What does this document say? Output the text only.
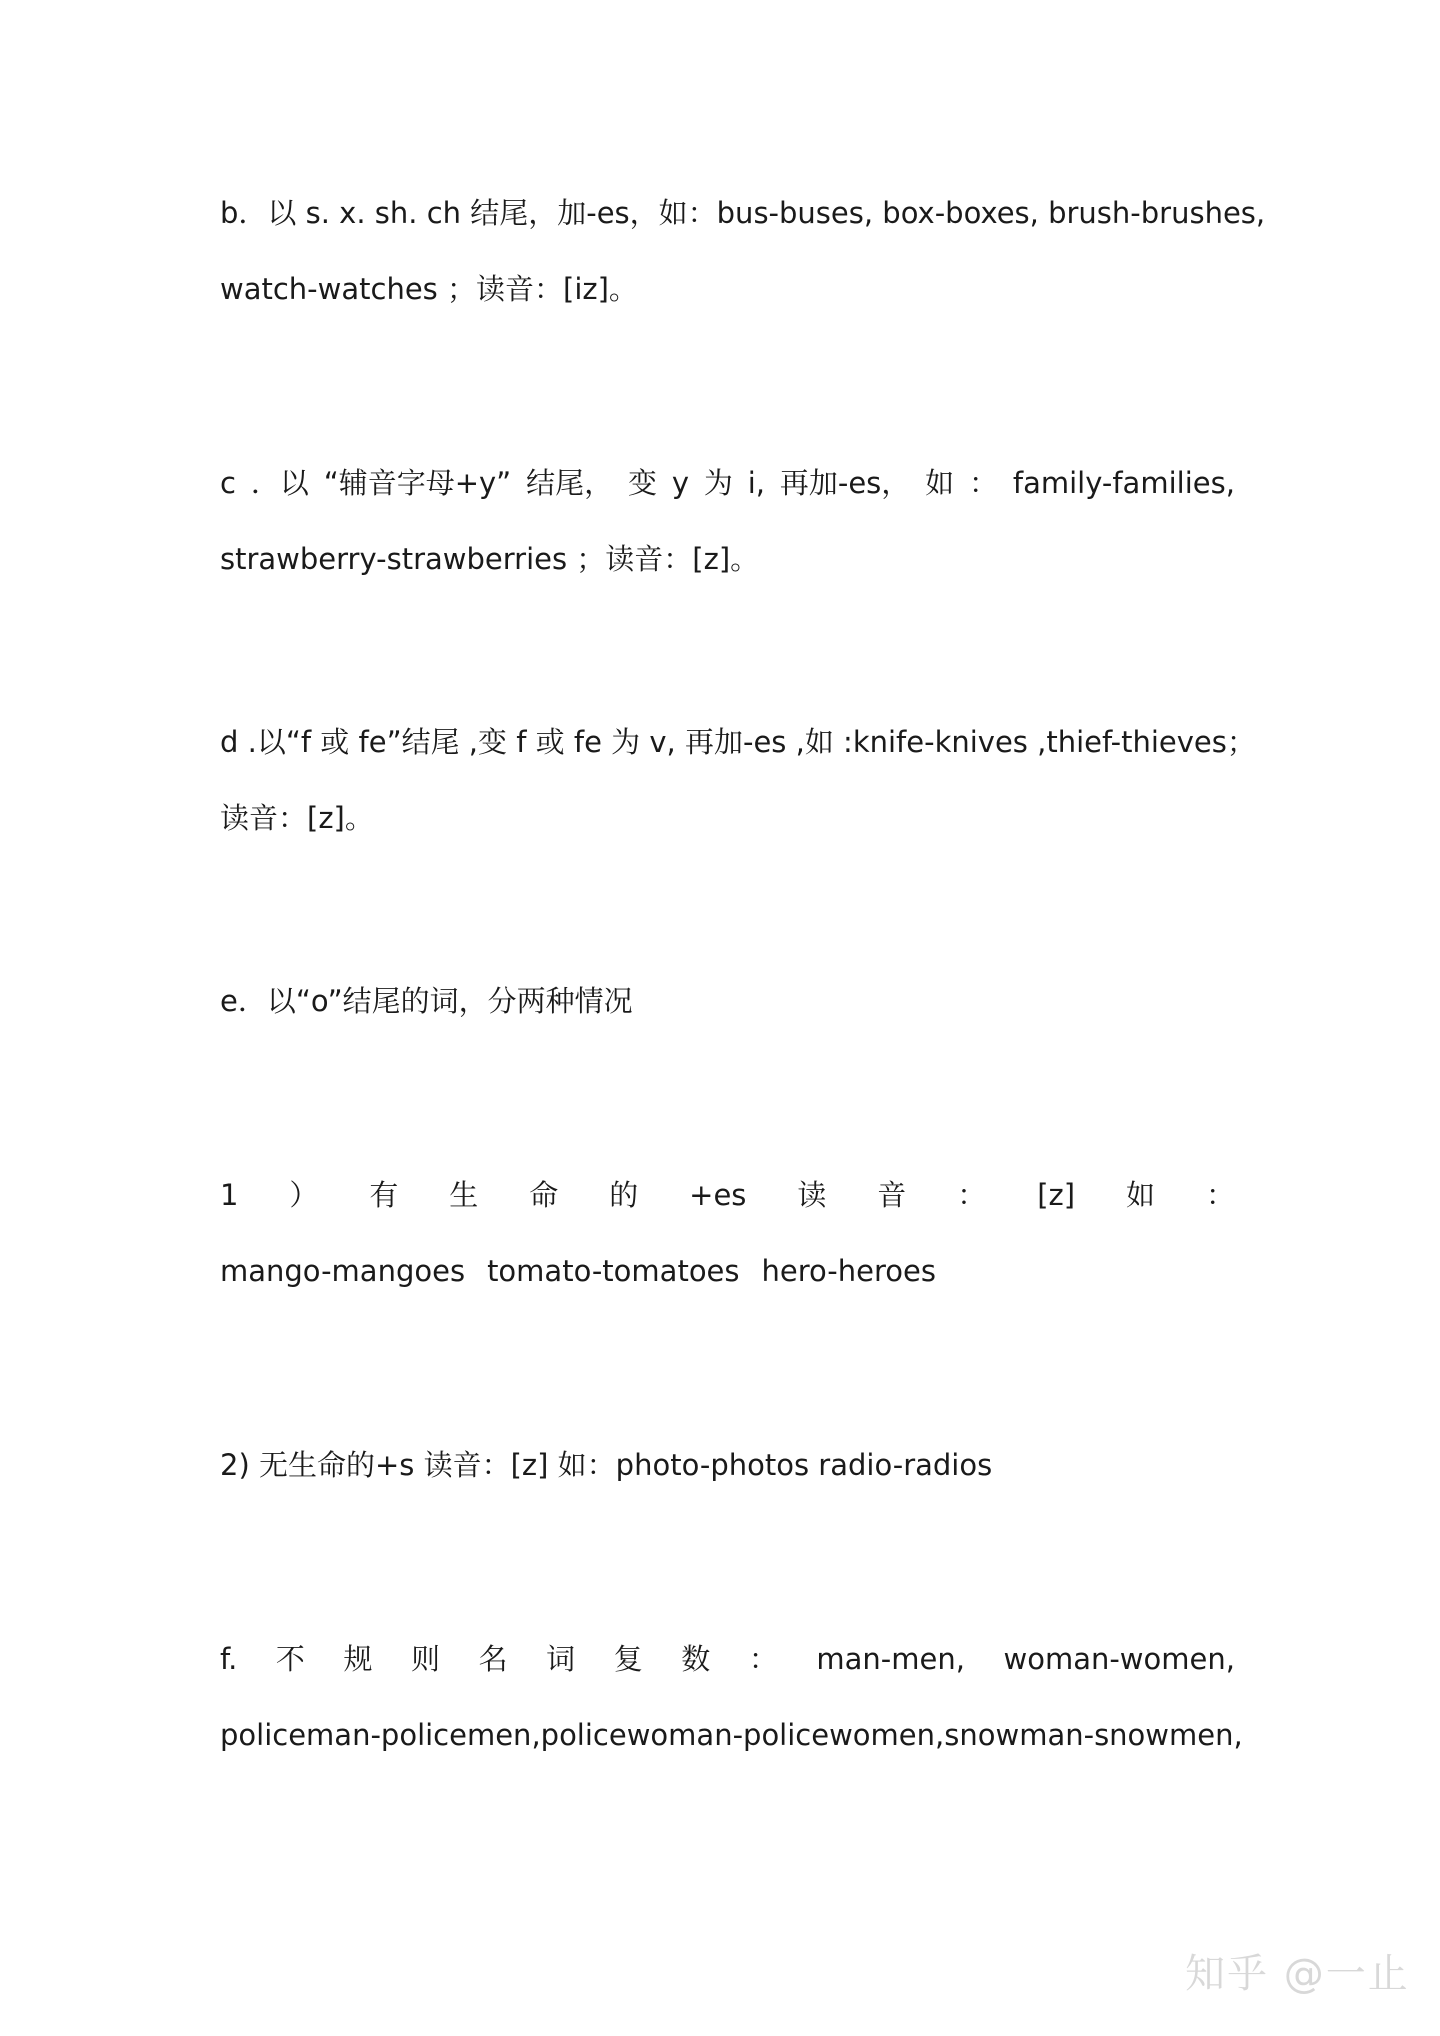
b．以 s. x. sh. ch 结尾，加-es，如：bus-buses, box-boxes, brush-brushes,
watch-watches ；读音：[iz]。
c ．以 “辅音字母+y” 结尾， 变 y 为 i, 再加-es， 如 ： family-families,
strawberry-strawberries ；读音：[z]。
d .以“f 或 fe”结尾 ,变 f 或 fe 为 v, 再加-es ,如 :knife-knives ,thief-thieves；
读音：[z]。
e．以“o”结尾的词，分两种情况
1 ） 有 生 命 的 +es 读 音 ： [z] 如 ：
mango-mangoes tomato-tomatoes hero-heroes
2) 无生命的+s 读音：[z] 如：photo-photos radio-radios
f. 不 规 则 名 词 复 数 ： man-men, woman-women,
policeman-policemen,policewoman-policewomen, snowman-snowmen,
知乎 @一止
